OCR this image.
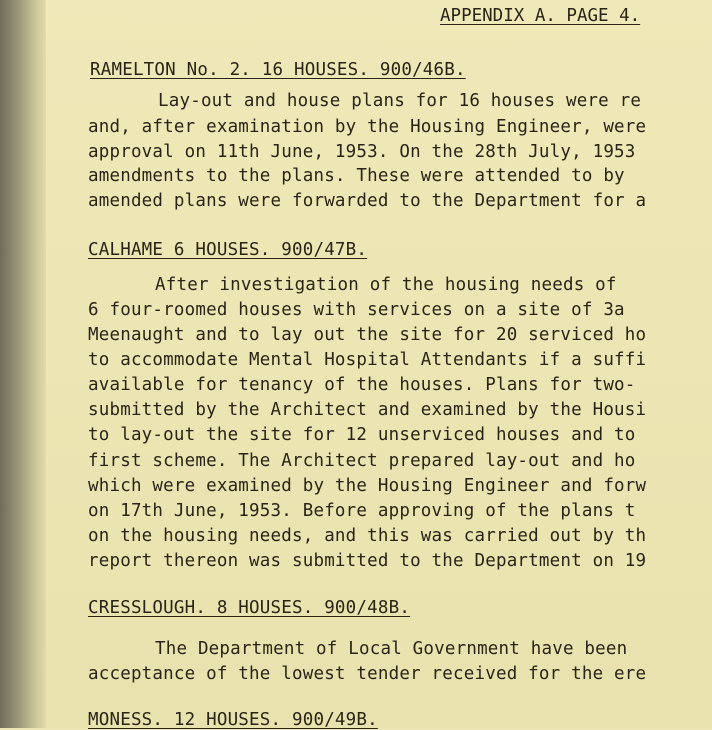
APPENDIX A. PAGE 4.
RAMELTON No. 2. 16 HOUSES. 900/46B.
Lay-out and house plans for 16 houses were re
and, after examination by the Housing Engineer, were
approval on 11th June, 1953. On the 28th July, 1953
amendments to the plans. These were attended to by
amended plans were forwarded to the Department for a
CALHAME 6 HOUSES. 900/47B.
After investigation of the housing needs of
6 four-roomed houses with services on a site of 3a
Meenaught and to lay out the site for 20 serviced ho
to accommodate Mental Hospital Attendants if a suffi
available for tenancy of the houses. Plans for two-
submitted by the Architect and examined by the Housi
to lay-out the site for 12 unserviced houses and to
first scheme. The Architect prepared lay-out and ho
which were examined by the Housing Engineer and forw
on 17th June, 1953. Before approving of the plans t
on the housing needs, and this was carried out by th
report thereon was submitted to the Department on 19
CRESSLOUGH. 8 HOUSES. 900/48B.
The Department of Local Government have been
acceptance of the lowest tender received for the ere
MONESS. 12 HOUSES. 900/49B.
